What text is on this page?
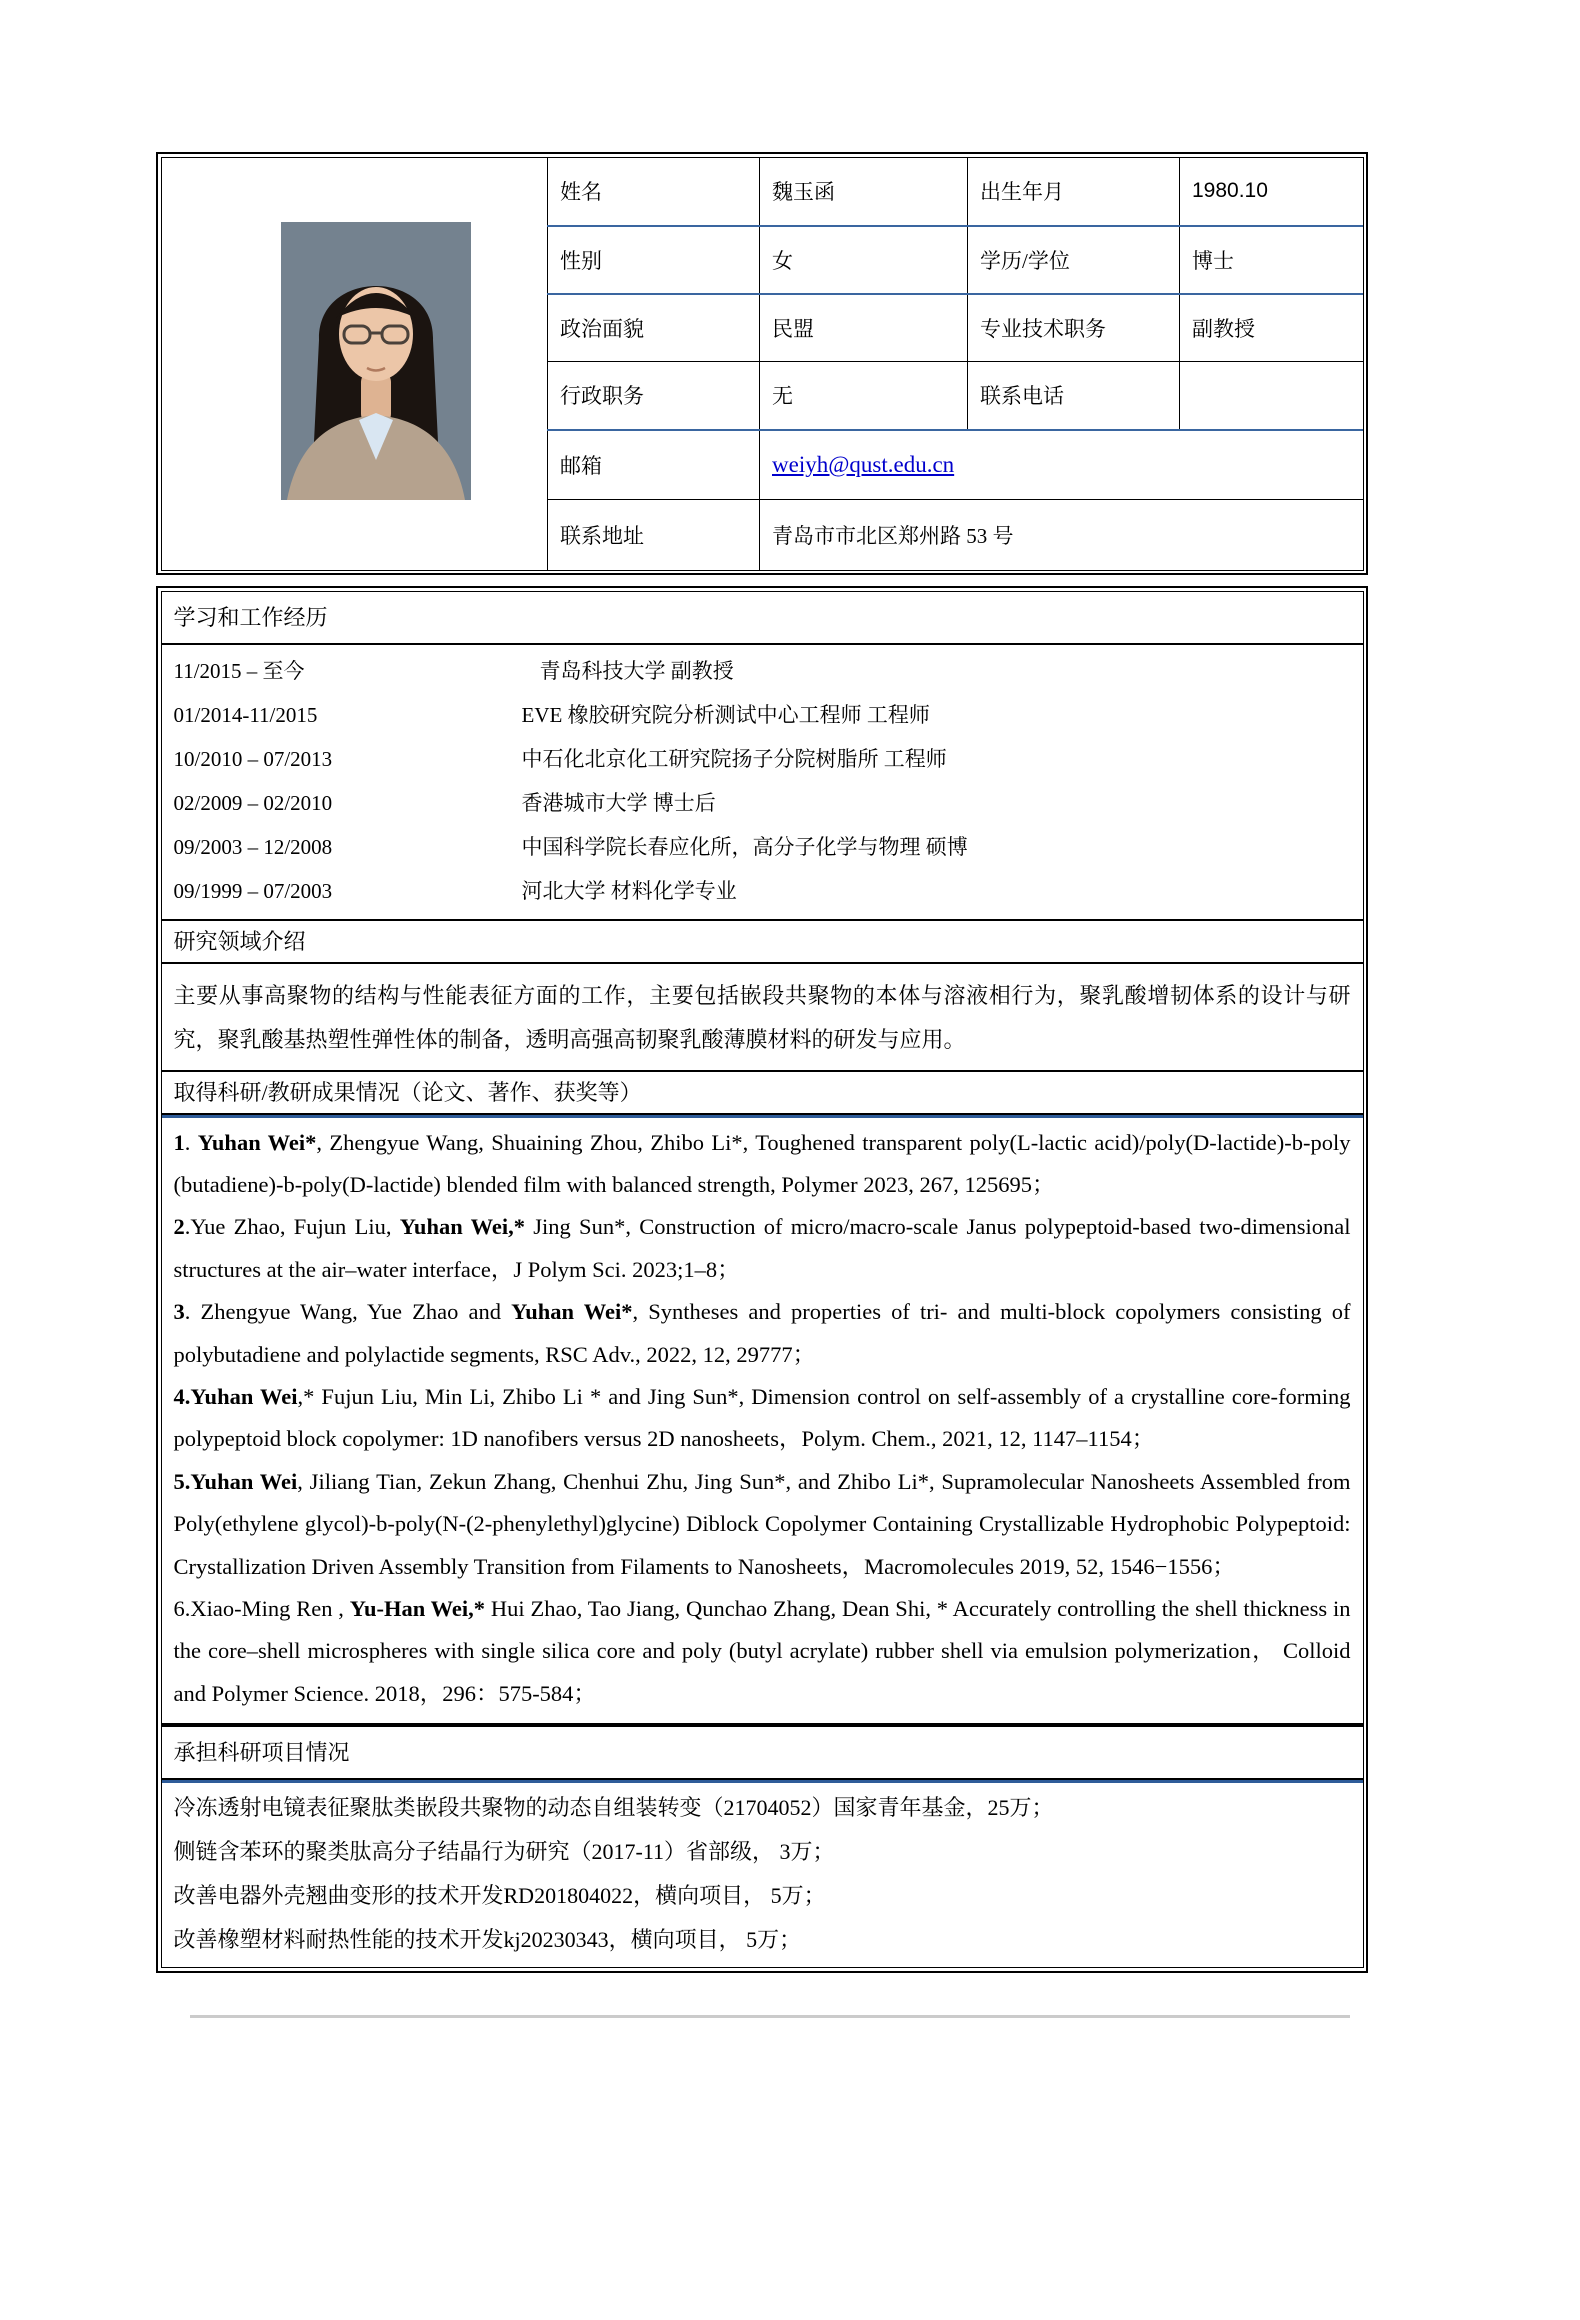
	姓名	魏玉函	出生年月	1980.10
	性别	女	学历/学位	博士
	政治面貌	民盟	专业技术职务	副教授
	行政职务	无	联系电话	
	邮箱	weiyh@qust.edu.cn		
	联系地址	青岛市市北区郑州路 53 号		
学习和工作经历
11/2015 – 至今	青岛科技大学 副教授
01/2014-11/2015	EVE 橡胶研究院分析测试中心工程师 工程师
10/2010 – 07/2013	中石化北京化工研究院扬子分院树脂所 工程师
02/2009 – 02/2010	香港城市大学 博士后
09/2003 – 12/2008	中国科学院长春应化所，高分子化学与物理 硕博
09/1999 – 07/2003	河北大学 材料化学专业
研究领域介绍
主要从事高聚物的结构与性能表征方面的工作，主要包括嵌段共聚物的本体与溶液相行为，聚乳酸增韧体系的设计与研究，聚乳酸基热塑性弹性体的制备，透明高强高韧聚乳酸薄膜材料的研发与应用。
取得科研/教研成果情况（论文、著作、获奖等）

1. Yuhan Wei*, Zhengyue Wang, Shuaining Zhou, Zhibo Li*, Toughened transparent poly(L-lactic acid)/poly(D-lactide)-b-poly (butadiene)-b-poly(D-lactide) blended film with balanced strength, Polymer 2023, 267, 125695；

2.Yue Zhao, Fujun Liu, Yuhan Wei,* Jing Sun*, Construction of micro/macro-scale Janus polypeptoid-based two-dimensional structures at the air–water interface，J Polym Sci. 2023;1–8；

3. Zhengyue Wang, Yue Zhao and Yuhan Wei*, Syntheses and properties of tri- and multi-block copolymers consisting of polybutadiene and polylactide segments, RSC Adv., 2022, 12, 29777；

4.Yuhan Wei,* Fujun Liu, Min Li, Zhibo Li * and Jing Sun*, Dimension control on self-assembly of a crystalline core-forming polypeptoid block copolymer: 1D nanofibers versus 2D nanosheets，Polym. Chem., 2021, 12, 1147–1154；

5.Yuhan Wei, Jiliang Tian, Zekun Zhang, Chenhui Zhu, Jing Sun*, and Zhibo Li*, Supramolecular Nanosheets Assembled from Poly(ethylene glycol)-b-poly(N-(2-phenylethyl)glycine) Diblock Copolymer Containing Crystallizable Hydrophobic Polypeptoid: Crystallization Driven Assembly Transition from Filaments to Nanosheets，Macromolecules 2019, 52, 1546−1556；

6.Xiao-Ming Ren , Yu-Han Wei,* Hui Zhao, Tao Jiang, Qunchao Zhang, Dean Shi, * Accurately controlling the shell thickness in the core–shell microspheres with single silica core and poly (butyl acrylate) rubber shell via emulsion polymerization， Colloid and Polymer Science. 2018，296：575-584；

承担科研项目情况

冷冻透射电镜表征聚肽类嵌段共聚物的动态自组装转变（21704052）国家青年基金，25万；

侧链含苯环的聚类肽高分子结晶行为研究（2017-11）省部级， 3万；

改善电器外壳翘曲变形的技术开发RD201804022，横向项目， 5万；

改善橡塑材料耐热性能的技术开发kj20230343，横向项目， 5万；
